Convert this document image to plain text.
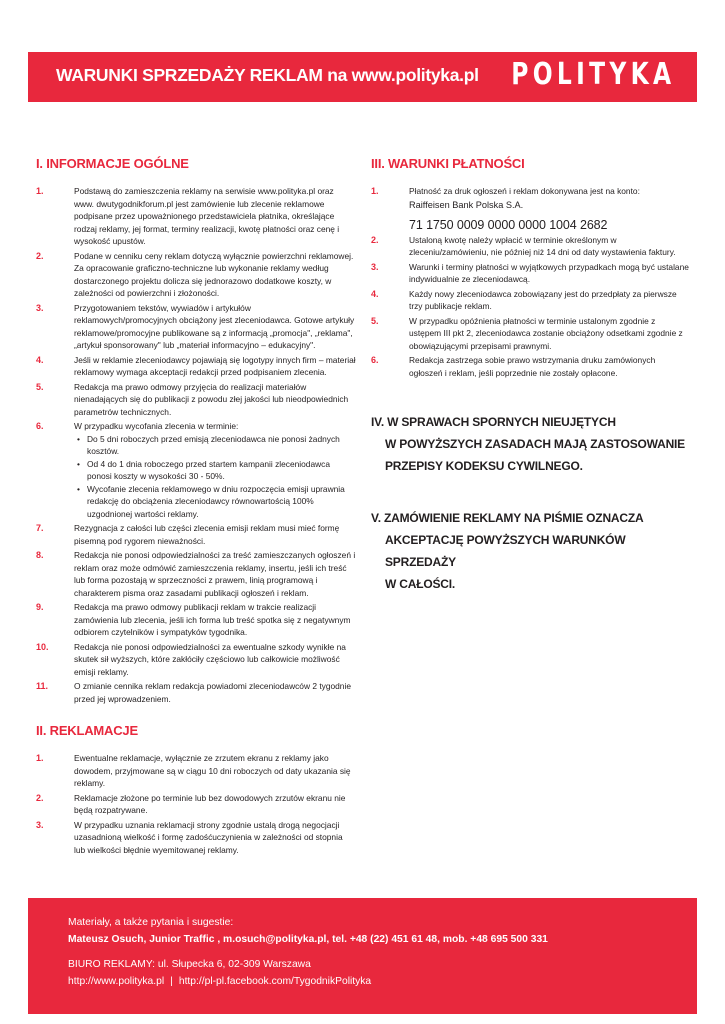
WARUNKI SPRZEDAŻY REKLAM na www.polityka.pl POLITYKA
I. INFORMACJE OGÓLNE
1.	Podstawą do zamieszczenia reklamy na serwisie www.polityka.pl oraz www. dwutygodnikforum.pl jest zamówienie lub zlecenie reklamowe podpisane przez upoważnionego przedstawiciela płatnika, określające rodzaj reklamy, jej format, terminy realizacji, kwotę płatności oraz cenę i wysokość upustów.
2.	Podane w cenniku ceny reklam dotyczą wyłącznie powierzchni reklamowej. Za opracowanie graficzno-techniczne lub wykonanie reklamy według dostarczonego projektu dolicza się jednorazowo dodatkowe koszty, w zależności od powierzchni i złożoności.
3.	Przygotowaniem tekstów, wywiadów i artykułów reklamowych/promocyjnych obciążony jest zleceniodawca. Gotowe artykuły reklamowe/promocyjne publikowane są z informacją „promocja", „reklama", „artykuł sponsorowany" lub „materiał informacyjno – edukacyjny".
4.	Jeśli w reklamie zleceniodawcy pojawiają się logotypy innych firm – materiał reklamowy wymaga akceptacji redakcji przed podpisaniem zlecenia.
5.	Redakcja ma prawo odmowy przyjęcia do realizacji materiałów nienadających się do publikacji z powodu złej jakości lub nieodpowiednich parametrów technicznych.
6.	W przypadku wycofania zlecenia w terminie:
• Do 5 dni roboczych przed emisją zleceniodawca nie ponosi żadnych kosztów.
• Od 4 do 1 dnia roboczego przed startem kampanii zleceniodawca ponosi koszty w wysokości 30 - 50%.
• Wycofanie zlecenia reklamowego w dniu rozpoczęcia emisji uprawnia redakcję do obciążenia zleceniodawcy równowartością 100% uzgodnionej wartości reklamy.
7.	Rezygnacja z całości lub części zlecenia emisji reklam musi mieć formę pisemną pod rygorem nieważności.
8.	Redakcja nie ponosi odpowiedzialności za treść zamieszczanych ogłoszeń i reklam oraz może odmówić zamieszczenia reklamy, insertu, jeśli ich treść lub forma pozostają w sprzeczności z prawem, linią programową i charakterem pisma oraz zasadami publikacji ogłoszeń i reklam.
9.	Redakcja ma prawo odmowy publikacji reklam w trakcie realizacji zamówienia lub zlecenia, jeśli ich forma lub treść spotka się z negatywnym odbiorem czytelników i sympatyków tygodnika.
10.	Redakcja nie ponosi odpowiedzialności za ewentualne szkody wynikłe na skutek sił wyższych, które zakłóciły częściowo lub całkowicie możliwość emisji reklamy.
11.	O zmianie cennika reklam redakcja powiadomi zleceniodawców 2 tygodnie przed jej wprowadzeniem.
II. REKLAMACJE
1.	Ewentualne reklamacje, wyłącznie ze zrzutem ekranu z reklamy jako dowodem, przyjmowane są w ciągu 10 dni roboczych od daty ukazania się reklamy.
2.	Reklamacje złożone po terminie lub bez dowodowych zrzutów ekranu nie będą rozpatrywane.
3.	W przypadku uznania reklamacji strony zgodnie ustalą drogą negocjacji uzasadnioną wielkość i formę zadośćuczynienia w zależności od stopnia lub wielkości błędnie wyemitowanej reklamy.
III. WARUNKI PŁATNOŚCI
1.	Płatność za druk ogłoszeń i reklam dokonywana jest na konto:
Raiffeisen Bank Polska S.A.
71 1750 0009 0000 0000 1004 2682
2.	Ustaloną kwotę należy wpłacić w terminie określonym w zleceniu/zamówieniu, nie później niż 14 dni od daty wystawienia faktury.
3.	Warunki i terminy płatności w wyjątkowych przypadkach mogą być ustalane indywidualnie ze zleceniodawcą.
4.	Każdy nowy zleceniodawca zobowiązany jest do przedpłaty za pierwsze trzy publikacje reklam.
5.	W przypadku opóźnienia płatności w terminie ustalonym zgodnie z ustępem III pkt 2, zleceniodawca zostanie obciążony odsetkami zgodnie z obowiązującymi przepisami prawnymi.
6.	Redakcja zastrzega sobie prawo wstrzymania druku zamówionych ogłoszeń i reklam, jeśli poprzednie nie zostały opłacone.
IV. W SPRAWACH SPORNYCH NIEUJĘTYCH
W POWYŻSZYCH ZASADACH MAJĄ ZASTOSOWANIE
PRZEPISY KODEKSU CYWILNEGO.
V. ZAMÓWIENIE REKLAMY NA PIŚMIE OZNACZA
AKCEPTACJĘ POWYŻSZYCH WARUNKÓW SPRZEDAŻY
W CAŁOŚCI.
Materiały, a także pytania i sugestie:
Mateusz Osuch, Junior Traffic , m.osuch@polityka.pl, tel. +48 (22) 451 61 48, mob. +48 695 500 331
BIURO REKLAMY: ul. Słupecka 6, 02-309 Warszawa
http://www.polityka.pl | http://pl-pl.facebook.com/TygodnikPolityka
